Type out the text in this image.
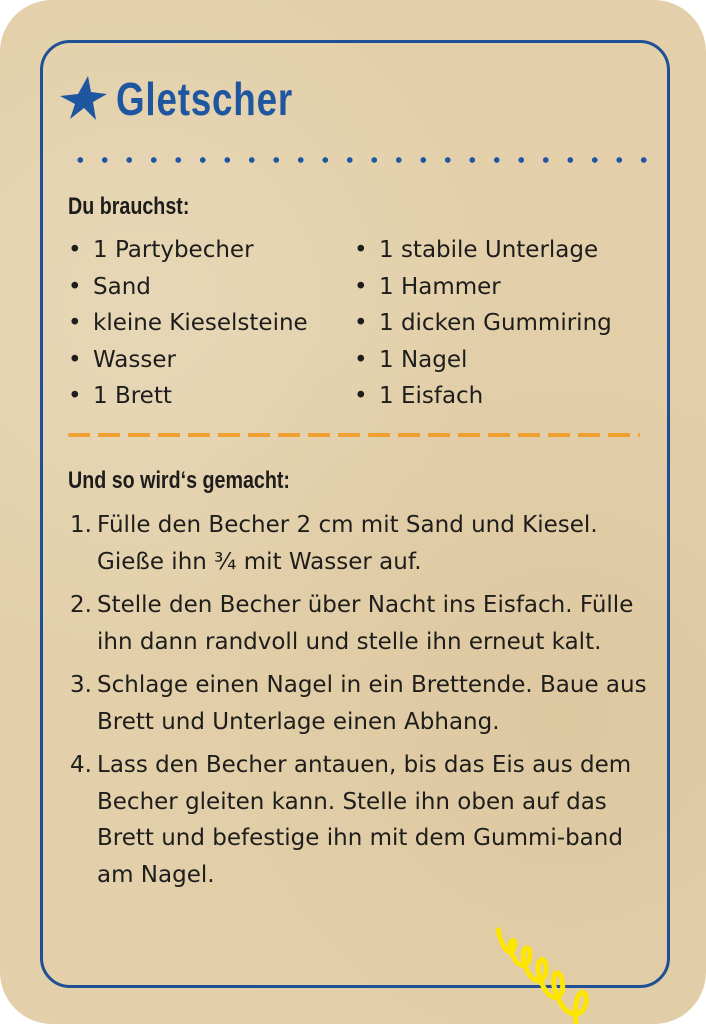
Gletscher
Du brauchst:
• 1 Partybecher
• Sand
• kleine Kieselsteine
• Wasser
• 1 Brett
• 1 stabile Unterlage
• 1 Hammer
• 1 dicken Gummiring
• 1 Nagel
• 1 Eisfach
Und so wird‘s gemacht:
1. Fülle den Becher 2 cm mit Sand und Kiesel. Gieße ihn ¾ mit Wasser auf.
2. Stelle den Becher über Nacht ins Eisfach. Fülle ihn dann randvoll und stelle ihn erneut kalt.
3. Schlage einen Nagel in ein Brettende. Baue aus Brett und Unterlage einen Abhang.
4. Lass den Becher antauen, bis das Eis aus dem Becher gleiten kann. Stelle ihn oben auf das Brett und befestige ihn mit dem Gummi-band am Nagel.
